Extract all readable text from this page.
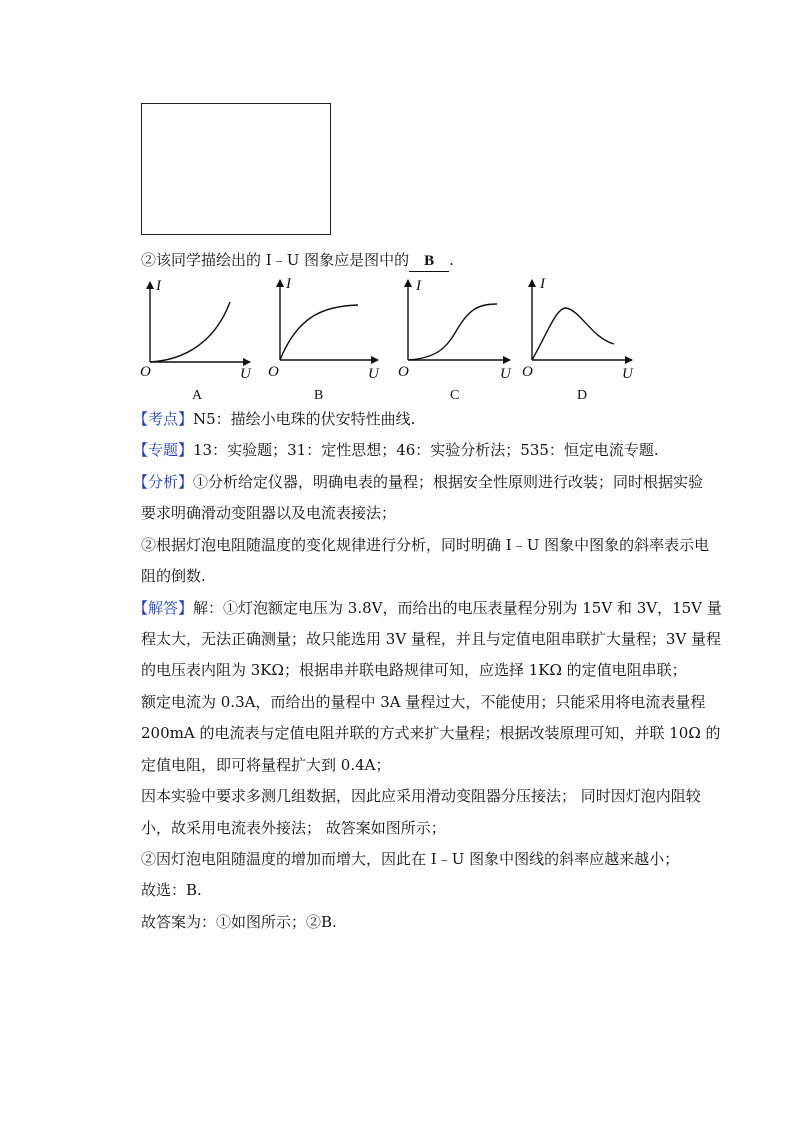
②该同学描绘出的 I﹣U 图象应是图中的 B .
I
U
O
A
I
U
O
B
I
U
O
C
I
U
O
D
【考点】N5：描绘小电珠的伏安特性曲线.
【专题】13：实验题；31：定性思想；46：实验分析法；535：恒定电流专题.
【分析】①分析给定仪器，明确电表的量程；根据安全性原则进行改装；同时根据实验
要求明确滑动变阻器以及电流表接法；
②根据灯泡电阻随温度的变化规律进行分析，同时明确 I﹣U 图象中图象的斜率表示电
阻的倒数.
【解答】解：①灯泡额定电压为 3.8V，而给出的电压表量程分别为 15V 和 3V，15V 量
程太大，无法正确测量；故只能选用 3V 量程，并且与定值电阻串联扩大量程；3V 量程
的电压表内阻为 3KΩ；根据串并联电路规律可知，应选择 1KΩ 的定值电阻串联；
额定电流为 0.3A，而给出的量程中 3A 量程过大，不能使用；只能采用将电流表量程
200mA 的电流表与定值电阻并联的方式来扩大量程；根据改装原理可知，并联 10Ω 的
定值电阻，即可将量程扩大到 0.4A；
因本实验中要求多测几组数据，因此应采用滑动变阻器分压接法； 同时因灯泡内阻较
小，故采用电流表外接法； 故答案如图所示；
②因灯泡电阻随温度的增加而增大，因此在 I﹣U 图象中图线的斜率应越来越小；
故选：B.
故答案为：①如图所示；②B.
